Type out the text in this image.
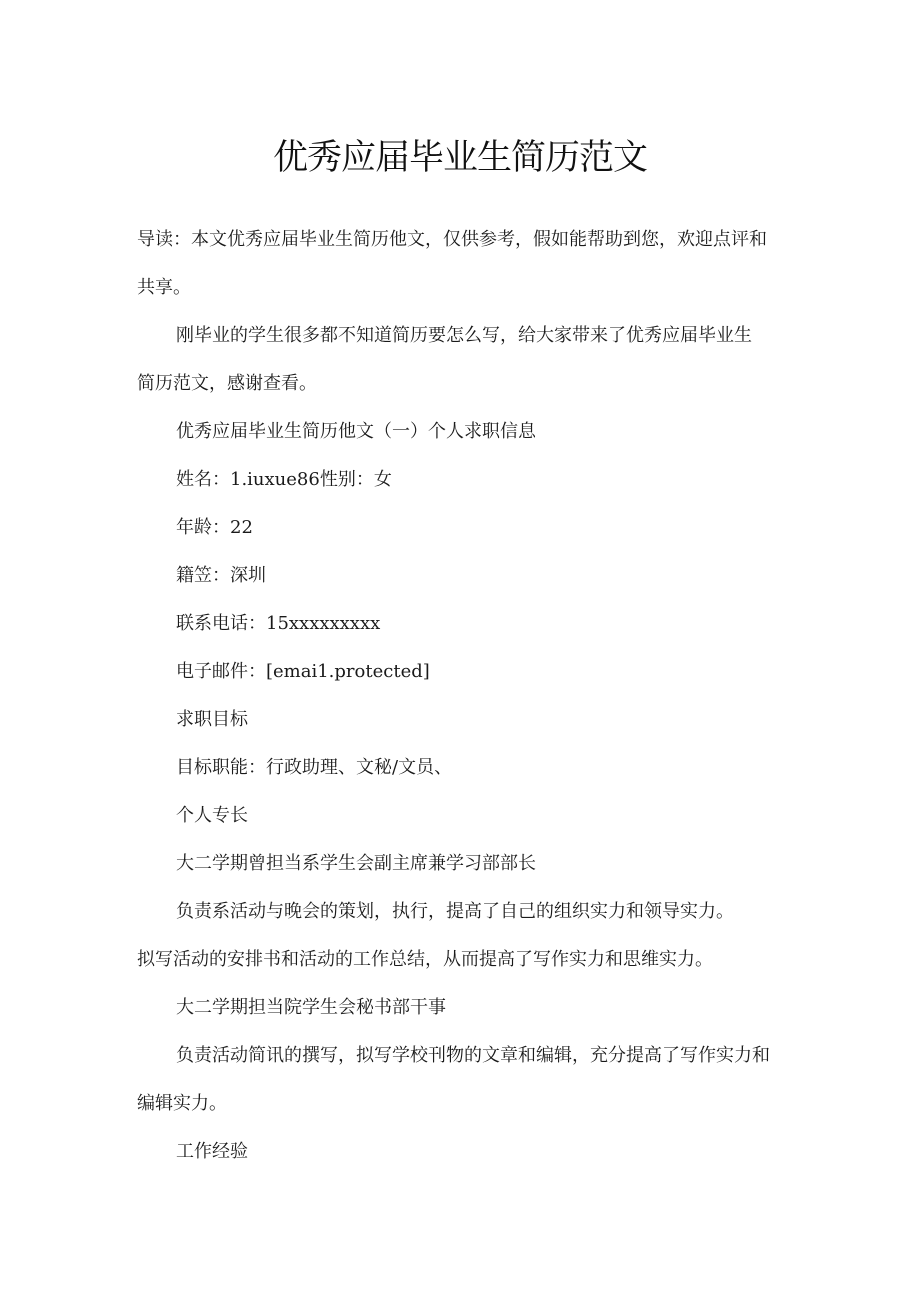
优秀应届毕业生简历范文
导读：本文优秀应届毕业生简历他文，仅供参考，假如能帮助到您，欢迎点评和
共享。
刚毕业的学生很多都不知道简历要怎么写，给大家带来了优秀应届毕业生
简历范文，感谢查看。
优秀应届毕业生简历他文（一）个人求职信息
姓名：1.iuxue86性别：女
年龄：22
籍笠：深圳
联系电话：15xxxxxxxxx
电子邮件：[emai1.protected]
求职目标
目标职能：行政助理、文秘/文员、
个人专长
大二学期曾担当系学生会副主席兼学习部部长
负责系活动与晚会的策划，执行，提高了自己的组织实力和领导实力。
拟写活动的安排书和活动的工作总结，从而提高了写作实力和思维实力。
大二学期担当院学生会秘书部干事
负责活动简讯的撰写，拟写学校刊物的文章和编辑，充分提高了写作实力和
编辑实力。
工作经验
